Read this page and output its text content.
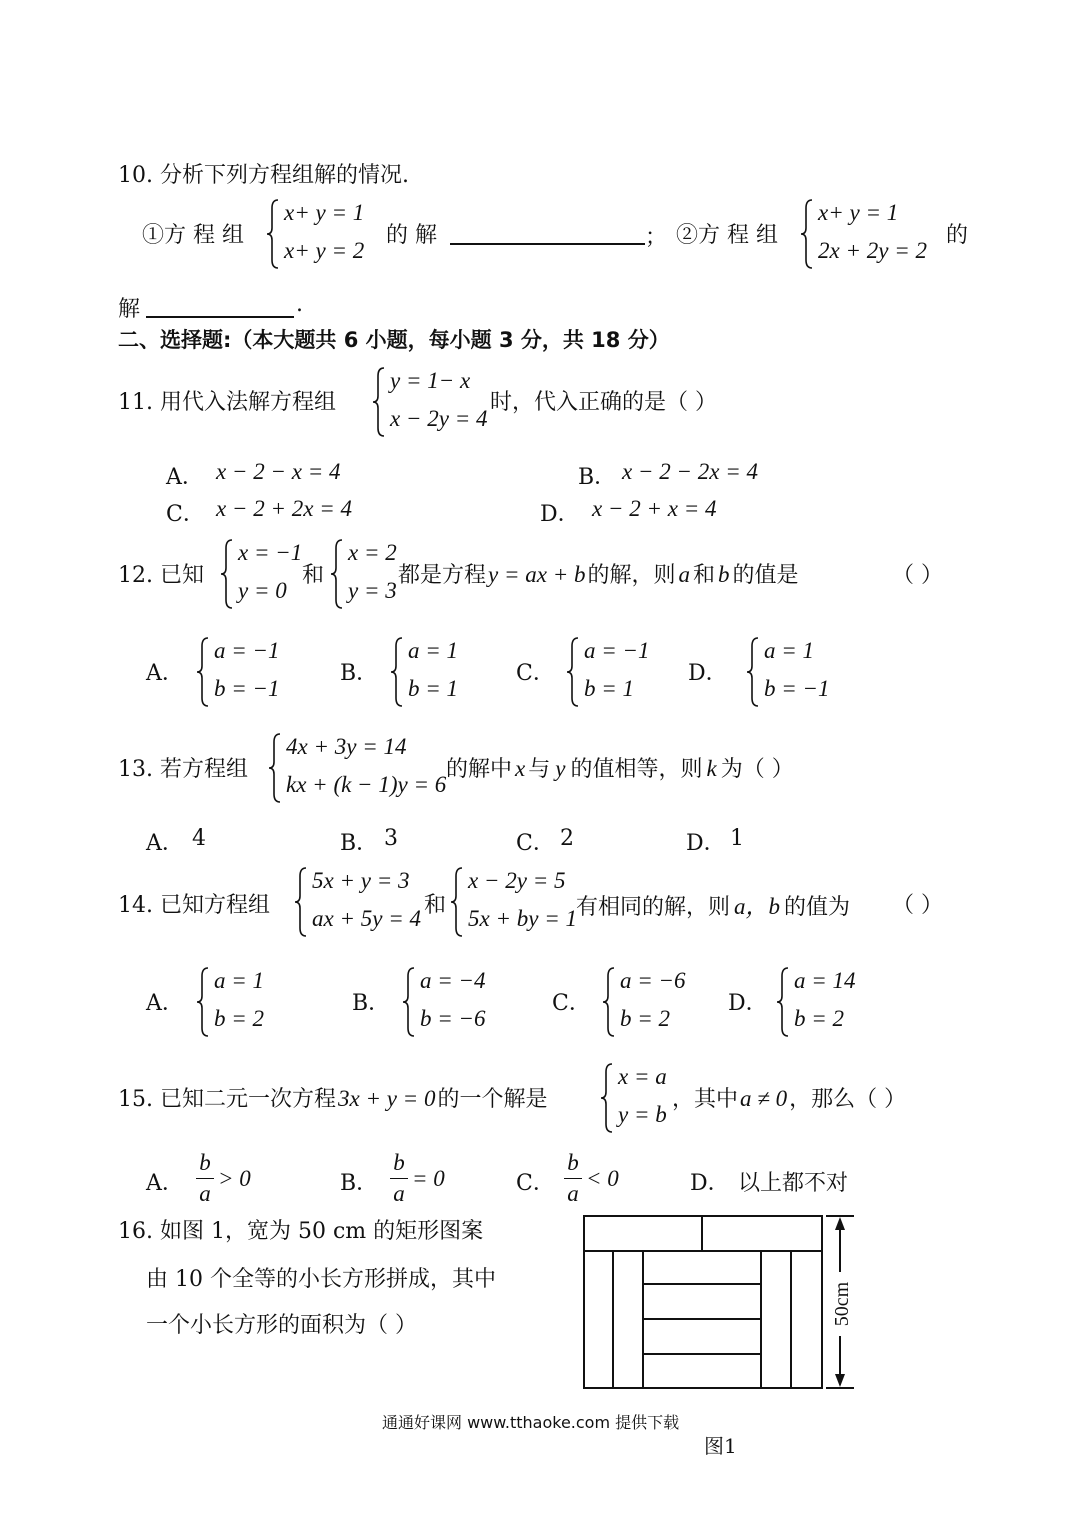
10. 分析下列方程组解的情况.
①方 程 组
x+ y = 1
x+ y = 2
的 解	； ②方 程 组
x+ y = 1
2x + 2y = 2
的
解	.
二、选择题:（本大题共 6 小题，每小题 3 分，共 18 分）
11. 用代入法解方程组
y = 1− x
x − 2y = 4
时，代入正确的是（ ）
A． x − 2 − x = 4	B． x − 2 − 2x = 4
C． x − 2 + 2x = 4	D． x − 2 + x = 4
12. 已知
x = −1
y = 0
和
x = 2
y = 3
都是方程y = ax + b的解，则 a 和 b 的值是	（ ）
A．
a = −1
b = −1
B．
a = 1
b = 1
C．
a = −1
b = 1
D．
a = 1
b = −1
13. 若方程组
4x + 3y = 14
kx + (k − 1)y = 6
的解中 x 与 y 的值相等，则 k 为（ ）
A． 4	B． 3	C． 2	D． 1
14. 已知方程组
5x + y = 3
ax + 5y = 4
和
x − 2y = 5
5x + by = 1 有相同的解，则 a，b 的值为 （ ）
A．
a = 1
b = 2
B．
a = −4
b = −6
C．
a = −6
b = 2
D．
a = 14
b = 2
15. 已知二元一次方程3x + y = 0的一个解是
x = a
y = b
，其中a ≠ 0，那么（ ）
A．
b
a
> 0	B．
b
a
= 0	C．
b
a
< 0	D． 以上都不对
16. 如图 1，宽为 50 cm 的矩形图案
由 10 个全等的小长方形拼成，其中
一个小长方形的面积为（ ）	50cm
通通好课网 www.tthaoke.com 提供下载
图1
